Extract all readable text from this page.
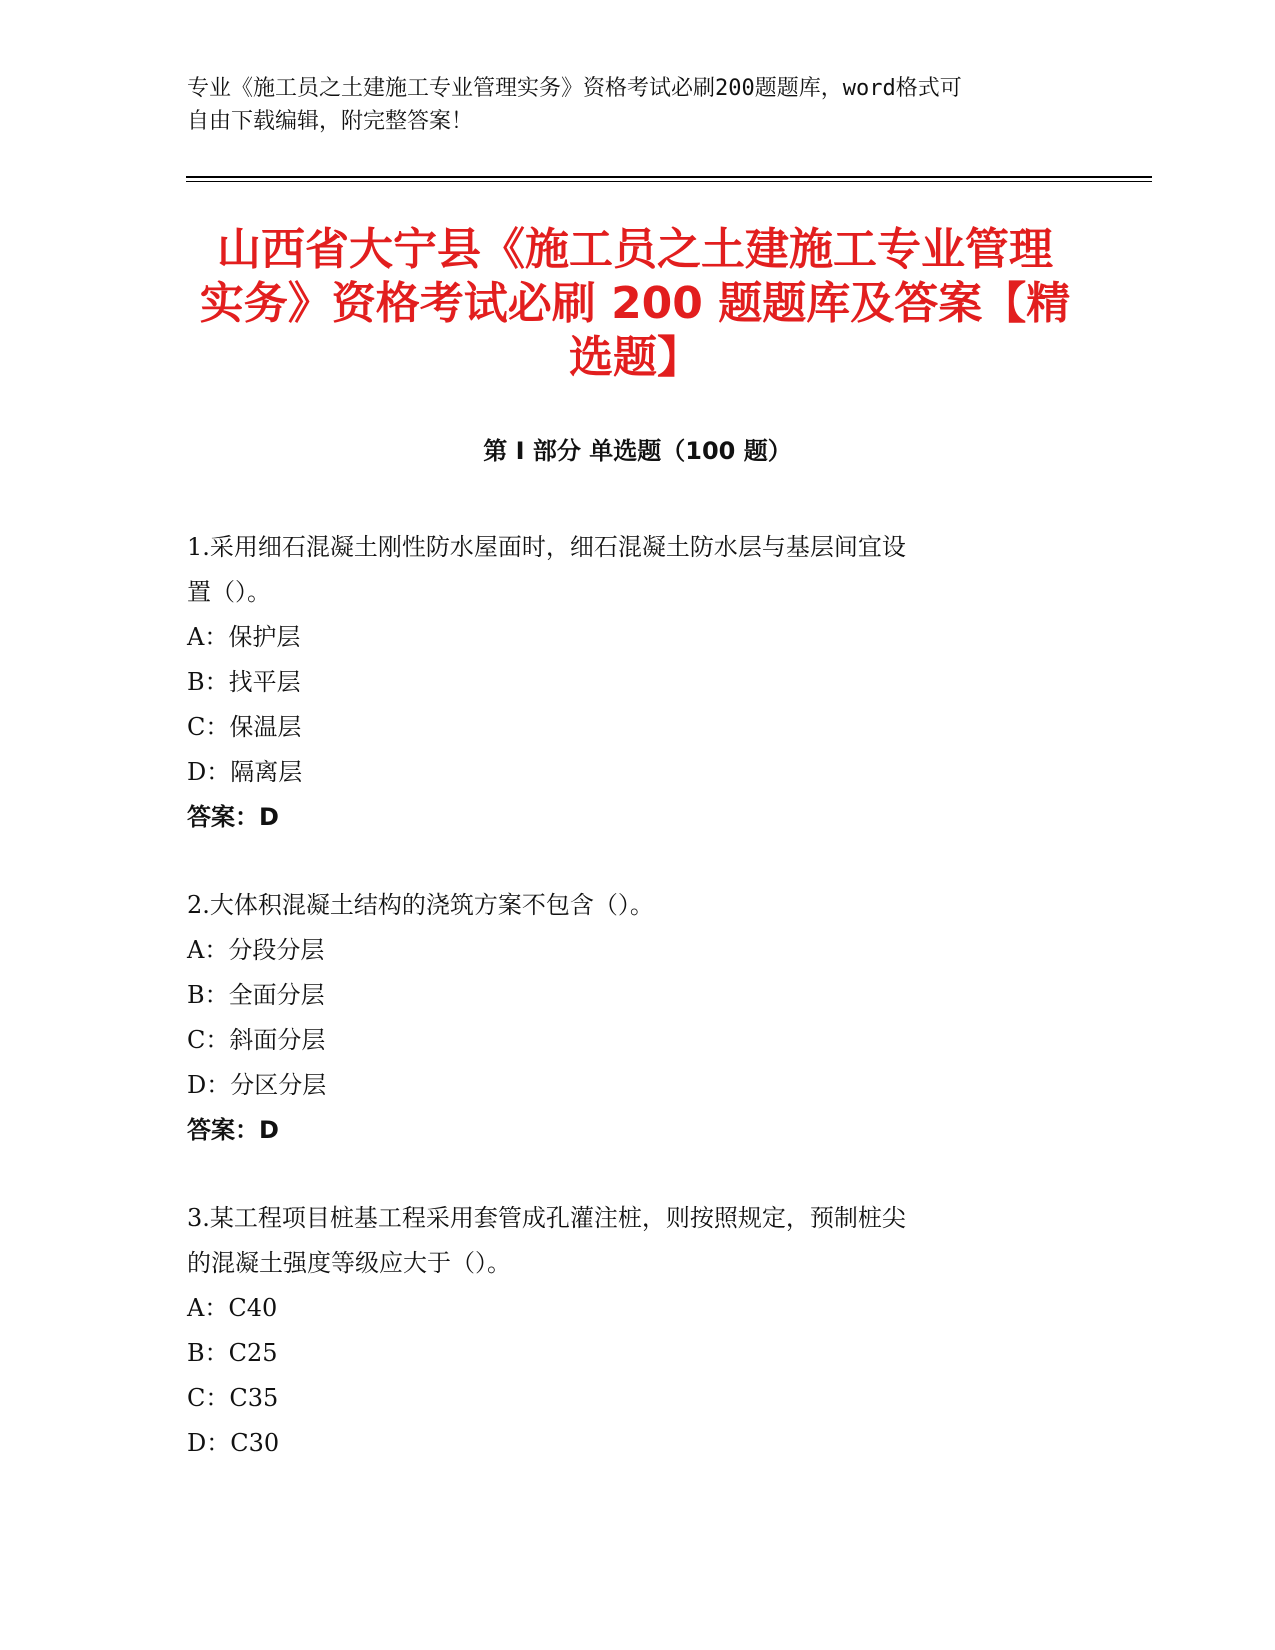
专业《施工员之土建施工专业管理实务》资格考试必刷200题题库，word格式可
自由下载编辑，附完整答案！
山西省大宁县《施工员之土建施工专业管理
实务》资格考试必刷 200 题题库及答案【精
选题】
第 I 部分 单选题（100 题）

1.采用细石混凝土刚性防水屋面时，细石混凝土防水层与基层间宜设

置（）。

A：保护层

B：找平层

C：保温层

D：隔离层

答案：D

2.大体积混凝土结构的浇筑方案不包含（）。

A：分段分层

B：全面分层

C：斜面分层

D：分区分层

答案：D

3.某工程项目桩基工程采用套管成孔灌注桩，则按照规定，预制桩尖

的混凝土强度等级应大于（）。

A：C40

B：C25

C：C35

D：C30
